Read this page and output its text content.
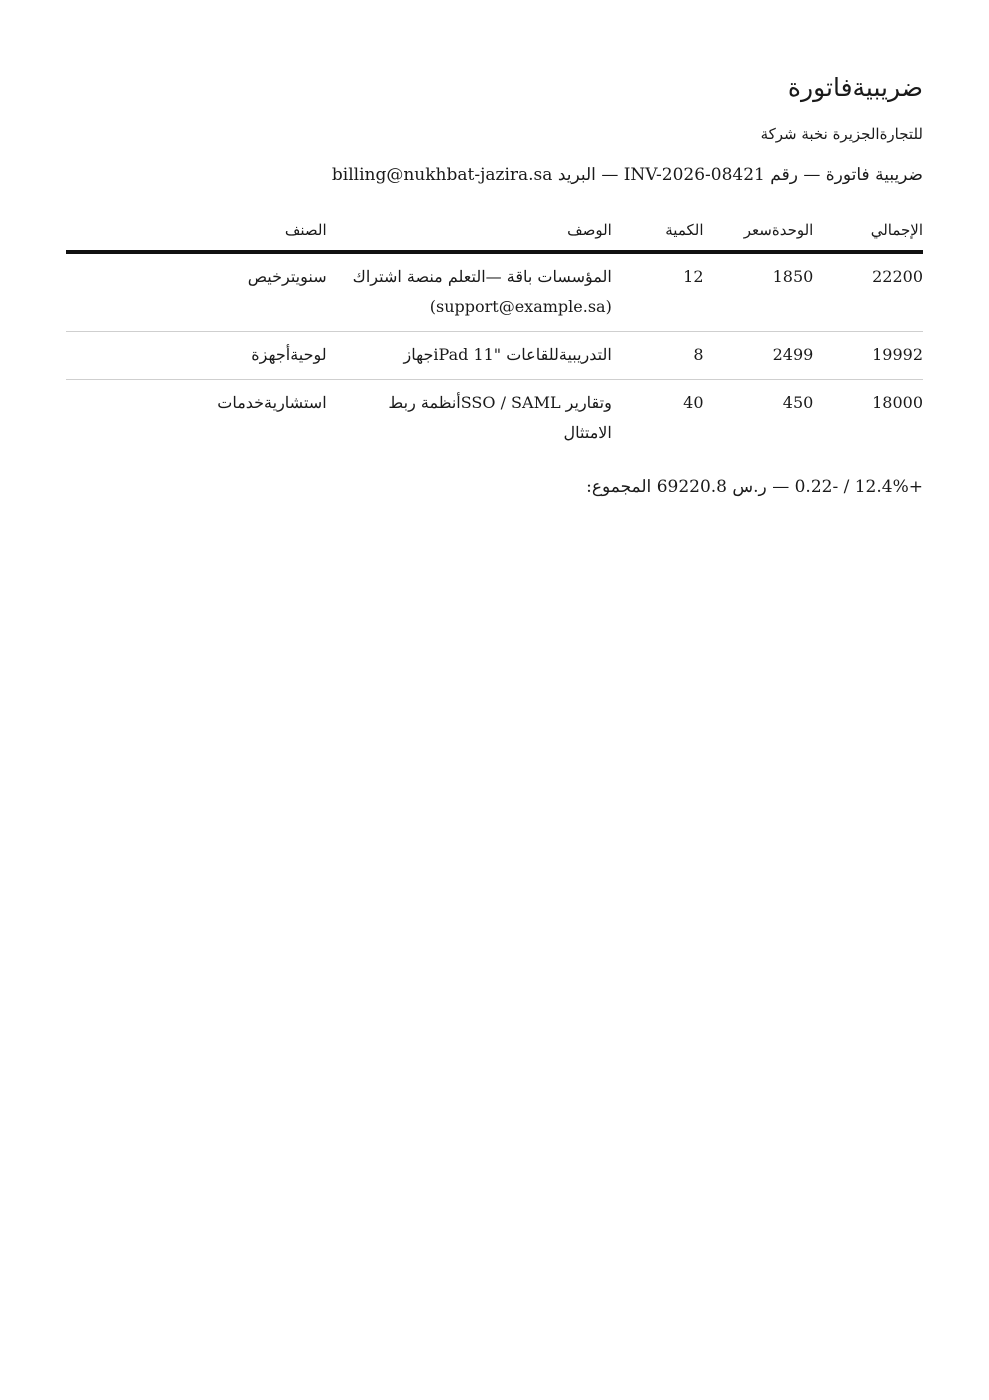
ضريبيةفاتورة
للتجارةالجزيرة نخبة شركة
ضريبية فاتورة — رقم INV-2026-08421 — البريد billing@nukhbat-jazira.sa
الإجمالي	الوحدةسعر	الكمية	الوصف	الصنف
22200	1850	12	المؤسسات باقة —التعلم منصة اشتراك (support@example.sa)	سنويترخيص
19992	2499	8	التدريبيةللقاعات "iPad 11جهاز	لوحيةأجهزة
18000	450	40	وتقارير SSO / SAMLأنظمة ربط الامتثال	استشاريةخدمات
+12.4% / -0.22 — ر.س 69220.8 المجموع:
